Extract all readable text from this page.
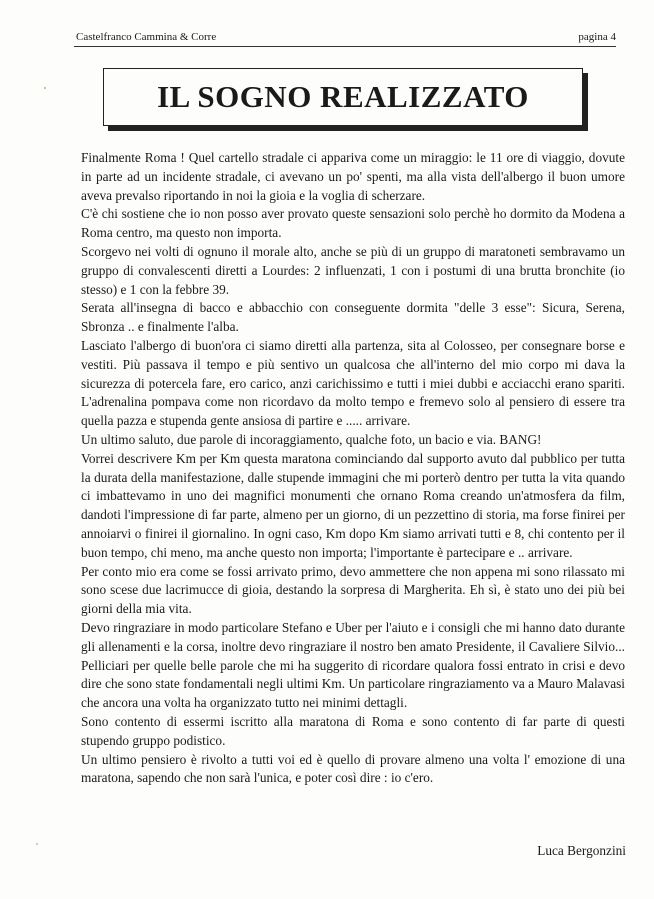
Castelfranco Cammina & Corre	pagina 4
IL SOGNO REALIZZATO

Finalmente Roma ! Quel cartello stradale ci appariva come un miraggio: le 11 ore di viaggio, dovute in parte ad un incidente stradale, ci avevano un po' spenti, ma alla vista dell'albergo il buon umore aveva prevalso riportando in noi la gioia e la voglia di scherzare.

C'è chi sostiene che io non posso aver provato queste sensazioni solo perchè ho dormito da Modena a Roma centro, ma questo non importa.

Scorgevo nei volti di ognuno il morale alto, anche se più di un gruppo di maratoneti sembravamo un gruppo di convalescenti diretti a Lourdes: 2 influenzati, 1 con i postumi di una brutta bronchite (io stesso) e 1 con la febbre 39.

Serata all'insegna di bacco e abbacchio con conseguente dormita "delle 3 esse": Sicura, Serena, Sbronza .. e finalmente l'alba.

Lasciato l'albergo di buon'ora ci siamo diretti alla partenza, sita al Colosseo, per consegnare borse e vestiti. Più passava il tempo e più sentivo un qualcosa che all'interno del mio corpo mi dava la sicurezza di potercela fare, ero carico, anzi carichissimo e tutti i miei dubbi e acciacchi erano spariti. L'adrenalina pompava come non ricordavo da molto tempo e fremevo solo al pensiero di essere tra quella pazza e stupenda gente ansiosa di partire e ..... arrivare.

Un ultimo saluto, due parole di incoraggiamento, qualche foto, un bacio e via. BANG!

Vorrei descrivere Km per Km questa maratona cominciando dal supporto avuto dal pubblico per tutta la durata della manifestazione, dalle stupende immagini che mi porterò dentro per tutta la vita quando ci imbattevamo in uno dei magnifici monumenti che ornano Roma creando un'atmosfera da film, dandoti l'impressione di far parte, almeno per un giorno, di un pezzettino di storia, ma forse finirei per annoiarvi o finirei il giornalino. In ogni caso, Km dopo Km siamo arrivati tutti e 8, chi contento per il buon tempo, chi meno, ma anche questo non importa; l'importante è partecipare e .. arrivare.

Per conto mio era come se fossi arrivato primo, devo ammettere che non appena mi sono rilassato mi sono scese due lacrimucce di gioia, destando la sorpresa di Margherita. Eh sì, è stato uno dei più bei giorni della mia vita.

Devo ringraziare in modo particolare Stefano e Uber per l'aiuto e i consigli che mi hanno dato durante gli allenamenti e la corsa, inoltre devo ringraziare il nostro ben amato Presidente, il Cavaliere Silvio... Pelliciari per quelle belle parole che mi ha suggerito di ricordare qualora fossi entrato in crisi e devo dire che sono state fondamentali negli ultimi Km. Un particolare ringraziamento va a Mauro Malavasi che ancora una volta ha organizzato tutto nei minimi dettagli.

Sono contento di essermi iscritto alla maratona di Roma e sono contento di far parte di questi stupendo gruppo podistico.

Un ultimo pensiero è rivolto a tutti voi ed è quello di provare almeno una volta l' emozione di una maratona, sapendo che non sarà l'unica, e poter così dire : io c'ero.

Luca Bergonzini
